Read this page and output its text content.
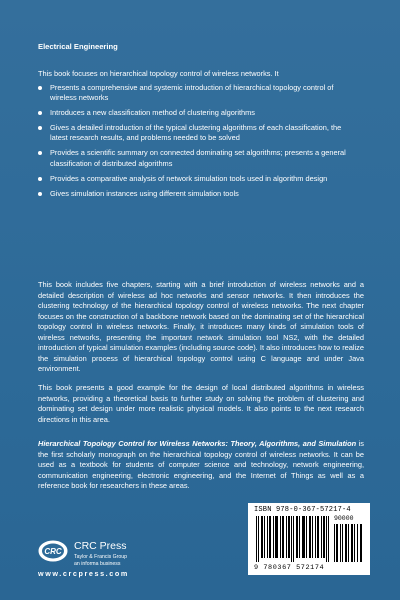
Electrical Engineering
This book focuses on hierarchical topology control of wireless networks. It
Presents a comprehensive and systemic introduction of hierarchical topology control of wireless networks
Introduces a new classification method of clustering algorithms
Gives a detailed introduction of the typical clustering algorithms of each classification, the latest research results, and problems needed to be solved
Provides a scientific summary on connected dominating set algorithms; presents a general classification of distributed algorithms
Provides a comparative analysis of network simulation tools used in algorithm design
Gives simulation instances using different simulation tools
This book includes five chapters, starting with a brief introduction of wireless networks and a detailed description of wireless ad hoc networks and sensor networks. It then introduces the clustering technology of the hierarchical topology control of wireless networks. The next chapter focuses on the construction of a backbone network based on the dominating set of the hierarchical topology control in wireless networks. Finally, it introduces many kinds of simulation tools of wireless networks, presenting the important network simulation tool NS2, with the detailed introduction of typical simulation examples (including source code). It also introduces how to realize the simulation process of hierarchical topology control using C language and under Java environment.
This book presents a good example for the design of local distributed algorithms in wireless networks, providing a theoretical basis to further study on solving the problem of clustering and dominating set design under more realistic physical models. It also points to the next research directions in this area.
Hierarchical Topology Control for Wireless Networks: Theory, Algorithms, and Simulation is the first scholarly monograph on the hierarchical topology control of wireless networks. It can be used as a textbook for students of computer science and technology, network engineering, communication engineering, electronic engineering, and the Internet of Things as well as a reference book for researchers in these areas.
ISBN 978-0-367-57217-4
90000
9 780367 572174
CRC CRC Press
Taylor & Francis Group
an informa business
www.crcpress.com
